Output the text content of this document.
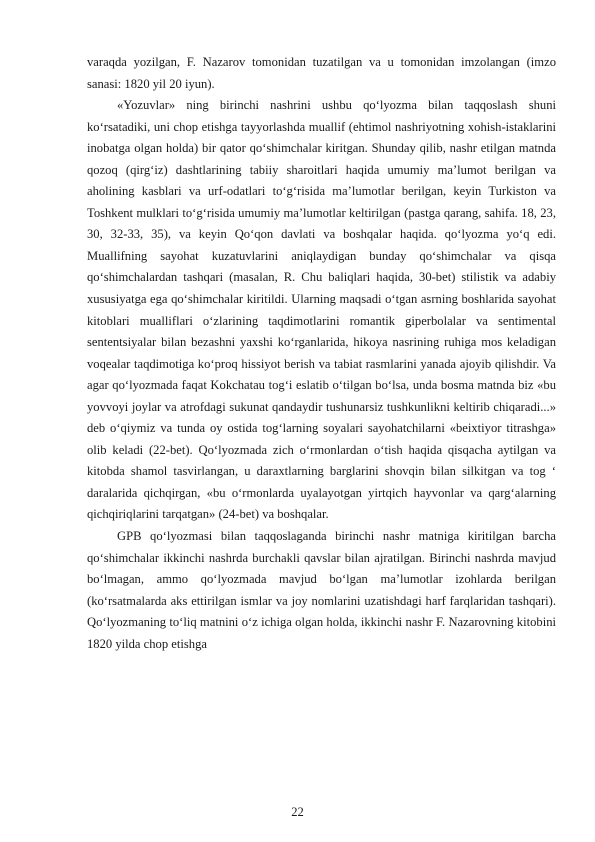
varaqda yozilgan, F. Nazarov tomonidan tuzatilgan va u tomonidan imzolangan (imzo sanasi: 1820 yil 20 iyun).

«Yozuvlar» ning birinchi nashrini ushbu qo‘lyozma bilan taqqoslash shuni ko‘rsatadiki, uni chop etishga tayyorlashda muallif (ehtimol nashriyotning xohish-istaklarini inobatga olgan holda) bir qator qo‘shimchalar kiritgan. Shunday qilib, nashr etilgan matnda qozoq (qirg‘iz) dashtlarining tabiiy sharoitlari haqida umumiy ma’lumot berilgan va aholining kasblari va urf-odatlari to‘g‘risida ma’lumotlar berilgan, keyin Turkiston va Toshkent mulklari to‘g‘risida umumiy ma’lumotlar keltirilgan (pastga qarang, sahifa. 18, 23, 30, 32-33, 35), va keyin Qo‘qon davlati va boshqalar haqida. qo‘lyozma yo‘q edi. Muallifning sayohat kuzatuvlarini aniqlaydigan bunday qo‘shimchalar va qisqa qo‘shimchalardan tashqari (masalan, R. Chu baliqlari haqida, 30-bet) stilistik va adabiy xususiyatga ega qo‘shimchalar kiritildi. Ularning maqsadi o‘tgan asrning boshlarida sayohat kitoblari mualliflari o‘zlarining taqdimotlarini romantik giperbolalar va sentimental sententsiyalar bilan bezashni yaxshi ko‘rganlarida, hikoya nasrining ruhiga mos keladigan voqealar taqdimotiga ko‘proq hissiyot berish va tabiat rasmlarini yanada ajoyib qilishdir. Va agar qo‘lyozmada faqat Kokchatau tog‘i eslatib o‘tilgan bo‘lsa, unda bosma matnda biz «bu yovvoyi joylar va atrofdagi sukunat qandaydir tushunarsiz tushkunlikni keltirib chiqaradi...» deb o‘qiymiz va tunda oy ostida tog‘larning soyalari sayohatchilarni «beixtiyor titrashga» olib keladi (22-bet). Qo‘lyozmada zich o‘rmonlardan o‘tish haqida qisqacha aytilgan va kitobda shamol tasvirlangan, u daraxtlarning barglarini shovqin bilan silkitgan va tog ‘ daralarida qichqirgan, «bu o‘rmonlarda uyalayotgan yirtqich hayvonlar va qarg‘alarning qichqiriqlarini tarqatgan» (24-bet) va boshqalar.

GPB qo‘lyozmasi bilan taqqoslaganda birinchi nashr matniga kiritilgan barcha qo‘shimchalar ikkinchi nashrda burchakli qavslar bilan ajratilgan. Birinchi nashrda mavjud bo‘lmagan, ammo qo‘lyozmada mavjud bo‘lgan ma’lumotlar izohlarda berilgan (ko‘rsatmalarda aks ettirilgan ismlar va joy nomlarini uzatishdagi harf farqlaridan tashqari). Qo‘lyozmaning to‘liq matnini o‘z ichiga olgan holda, ikkinchi nashr F. Nazarovning kitobini 1820 yilda chop etishga

22
